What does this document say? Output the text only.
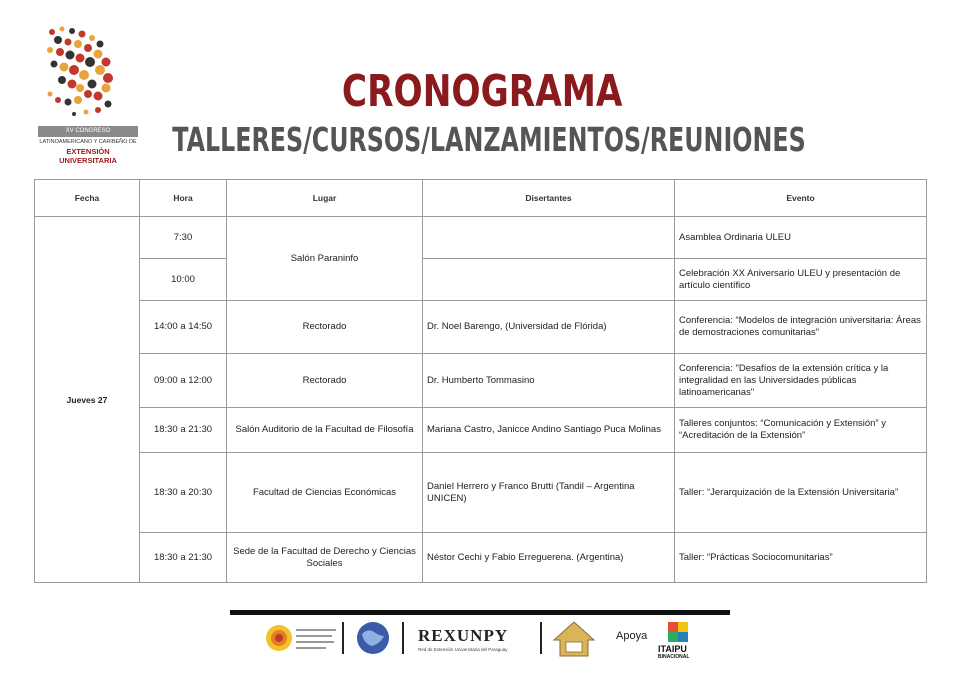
XV CONGRESO
LATINOAMERICANO Y CARIBEÑO DE
EXTENSIÓN UNIVERSITARIA
CRONOGRAMA
TALLERES/CURSOS/LANZAMIENTOS/REUNIONES
Fecha	Hora	Lugar	Disertantes	Evento
Jueves 27	7:30	Salón Paraninfo		Asamblea Ordinaria ULEU
	10:00			Celebración XX Aniversario ULEU y presentación de artículo científico
	14:00 a 14:50	Rectorado	Dr. Noel Barengo, (Universidad de Flórida)	Conferencia: “Modelos de integración universitaria: Áreas de demostraciones comunitarias”
	09:00 a 12:00	Rectorado	Dr. Humberto Tommasino	Conferencia: "Desafíos de la extensión crítica y la integralidad en las Universidades públicas latinoamericanas"
	18:30 a 21:30	Salón Auditorio de la Facultad de Filosofía	Mariana Castro, Janicce Andino Santiago Puca Molinas	Talleres conjuntos: “Comunicación y Extensión” y “Acreditación de la Extensión”
	18:30 a 20:30	Facultad de Ciencias Económicas	Daniel Herrero y Franco Brutti (Tandil – Argentina UNICEN)	Taller: “Jerarquización de la Extensión Universitaria”
	18:30 a 21:30	Sede de la Facultad de Derecho y Ciencias Sociales	Néstor Cechi y Fabio Erreguerena. (Argentina)	Taller: “Prácticas Sociocomunitarias”
REXUNPY
Red de Extensión Universitaria del Paraguay
Apoya
ITAIPU
BINACIONAL
